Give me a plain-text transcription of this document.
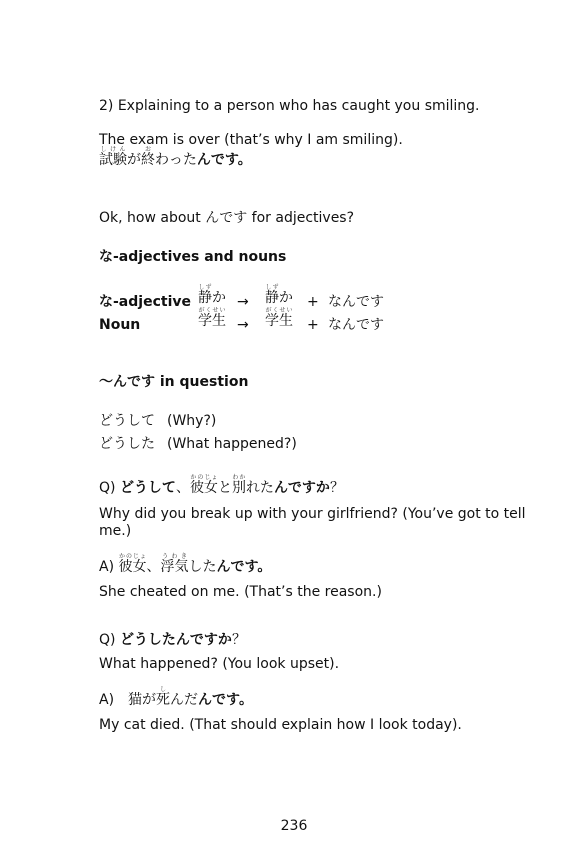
2) Explaining to a person who has caught you smiling.
The exam is over (that’s why I am smiling).
試験しけんが終おわったんです。
Ok, how about んです for adjectives?
な-adjectives and nouns
な-adjective 静しずか → 静しずか + なんです
Noun	学生がくせい
→ 学生がくせい
+ なんです
〜んです in question
どうして (Why?)
どうした (What happened?)
Q) どうして、彼女かのじょと別わかれたんですか？
Why did you break up with your girlfriend? (You’ve got to tell
me.)
A) 彼女かのじょ、浮気うわきしたんです。
She cheated on me. (That’s the reason.)
Q) どうしたんですか？
What happened? (You look upset).
A)　猫が死しんだんです。
My cat died. (That should explain how I look today).
236
